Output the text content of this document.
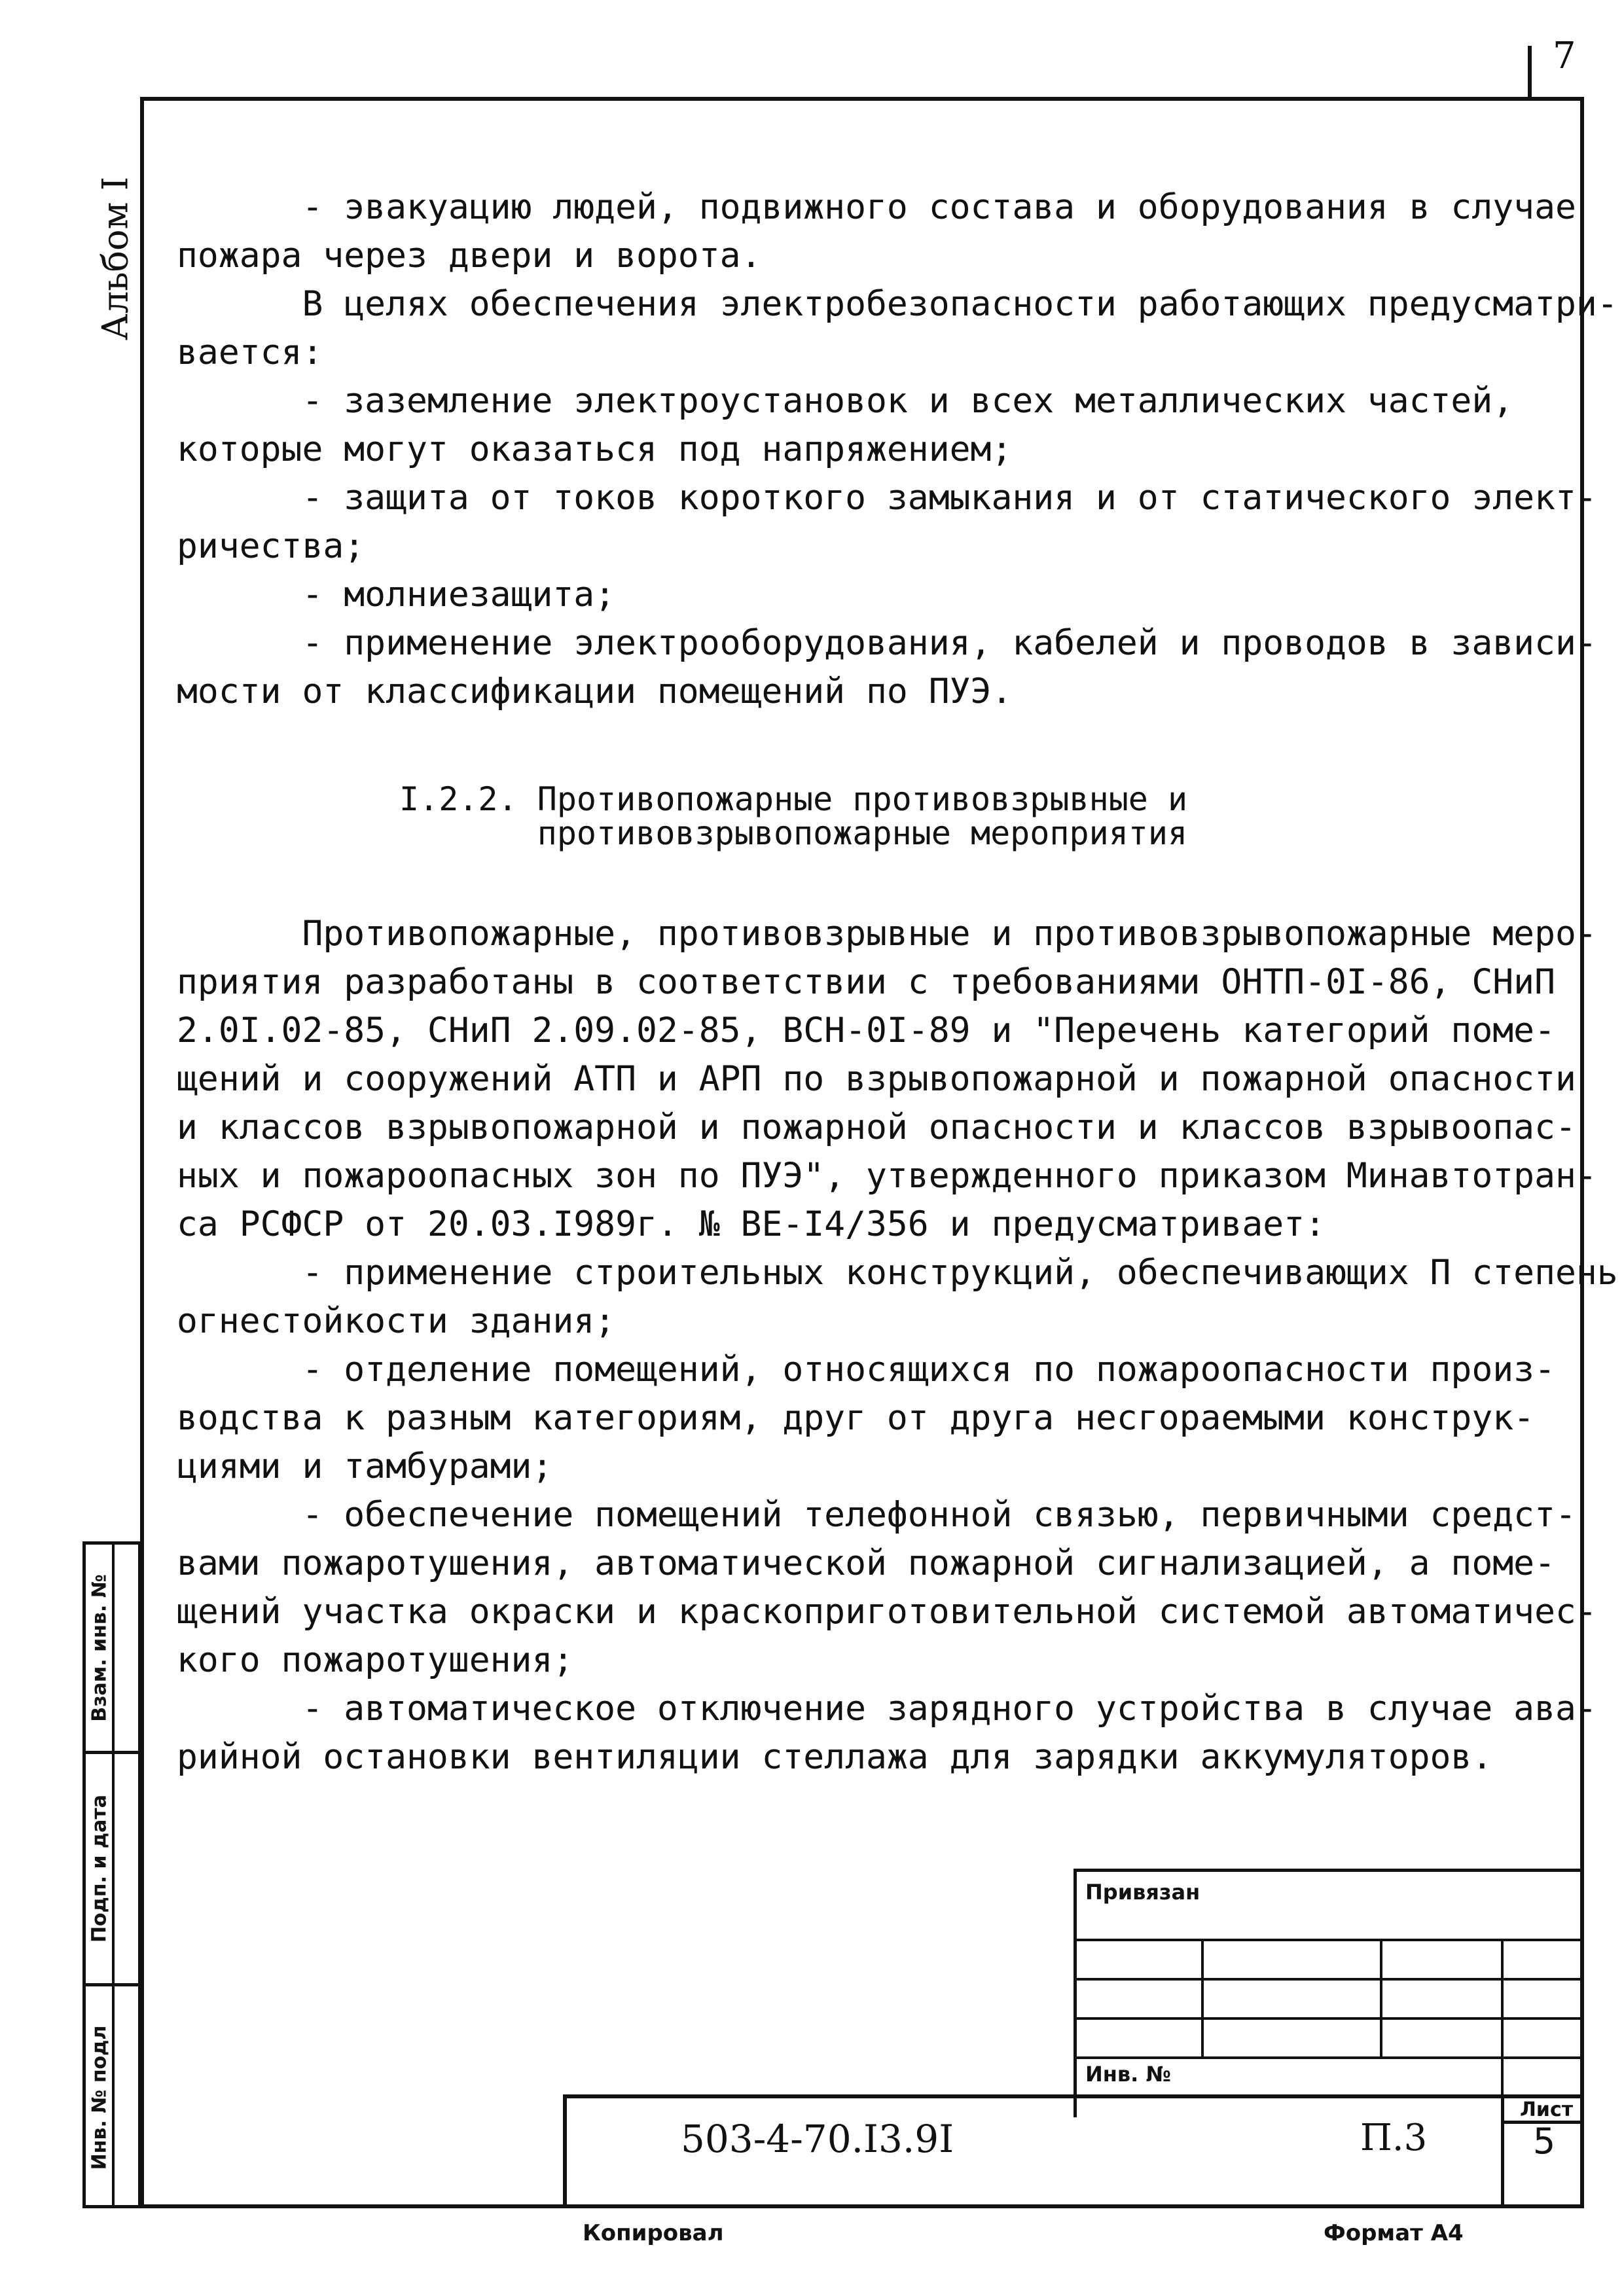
7
Альбом I	- эвакуацию людей, подвижного состава и оборудования в случае
пожара через двери и ворота.
В целях обеспечения электробезопасности работающих предусматри-
вается:
- заземление электроустановок и всех металлических частей,
которые могут оказаться под напряжением;
- защита от токов короткого замыкания и от статического элект-
ричества;
- молниезащита;
- применение электрооборудования, кабелей и проводов в зависи-
мости от классификации помещений по ПУЭ.
I.2.2. Противопожарные противовзрывные и
противовзрывопожарные мероприятия
Противопожарные, противовзрывные и противовзрывопожарные меро-
приятия разработаны в соответствии с требованиями ОНТП-0I-86, СНиП
2.0I.02-85, СНиП 2.09.02-85, ВСН-0I-89 и "Перечень категорий поме-
щений и сооружений АТП и АРП по взрывопожарной и пожарной опасности
и классов взрывопожарной и пожарной опасности и классов взрывоопас-
ных и пожароопасных зон по ПУЭ", утвержденного приказом Минавтотран-
са РСФСР от 20.03.I989г. № ВЕ-I4/356 и предусматривает:
- применение строительных конструкций, обеспечивающих П степень
огнестойкости здания;
- отделение помещений, относящихся по пожароопасности произ-
водства к разным категориям, друг от друга несгораемыми конструк-
циями и тамбурами;
- обеспечение помещений телефонной связью, первичными средст-
вами пожаротушения, автоматической пожарной сигнализацией, а поме-
щений участка окраски и краскоприготовительной системой автоматичес-
кого пожаротушения;
- автоматическое отключение зарядного устройства в случае ава-
рийной остановки вентиляции стеллажа для зарядки аккумуляторов.
Взам. инв. №
Подп. и дата
Инв. № подл
Привязан
Инв. №
503-4-70.I3.9I	П.3
Лист
5
Копировал	Формат А4
